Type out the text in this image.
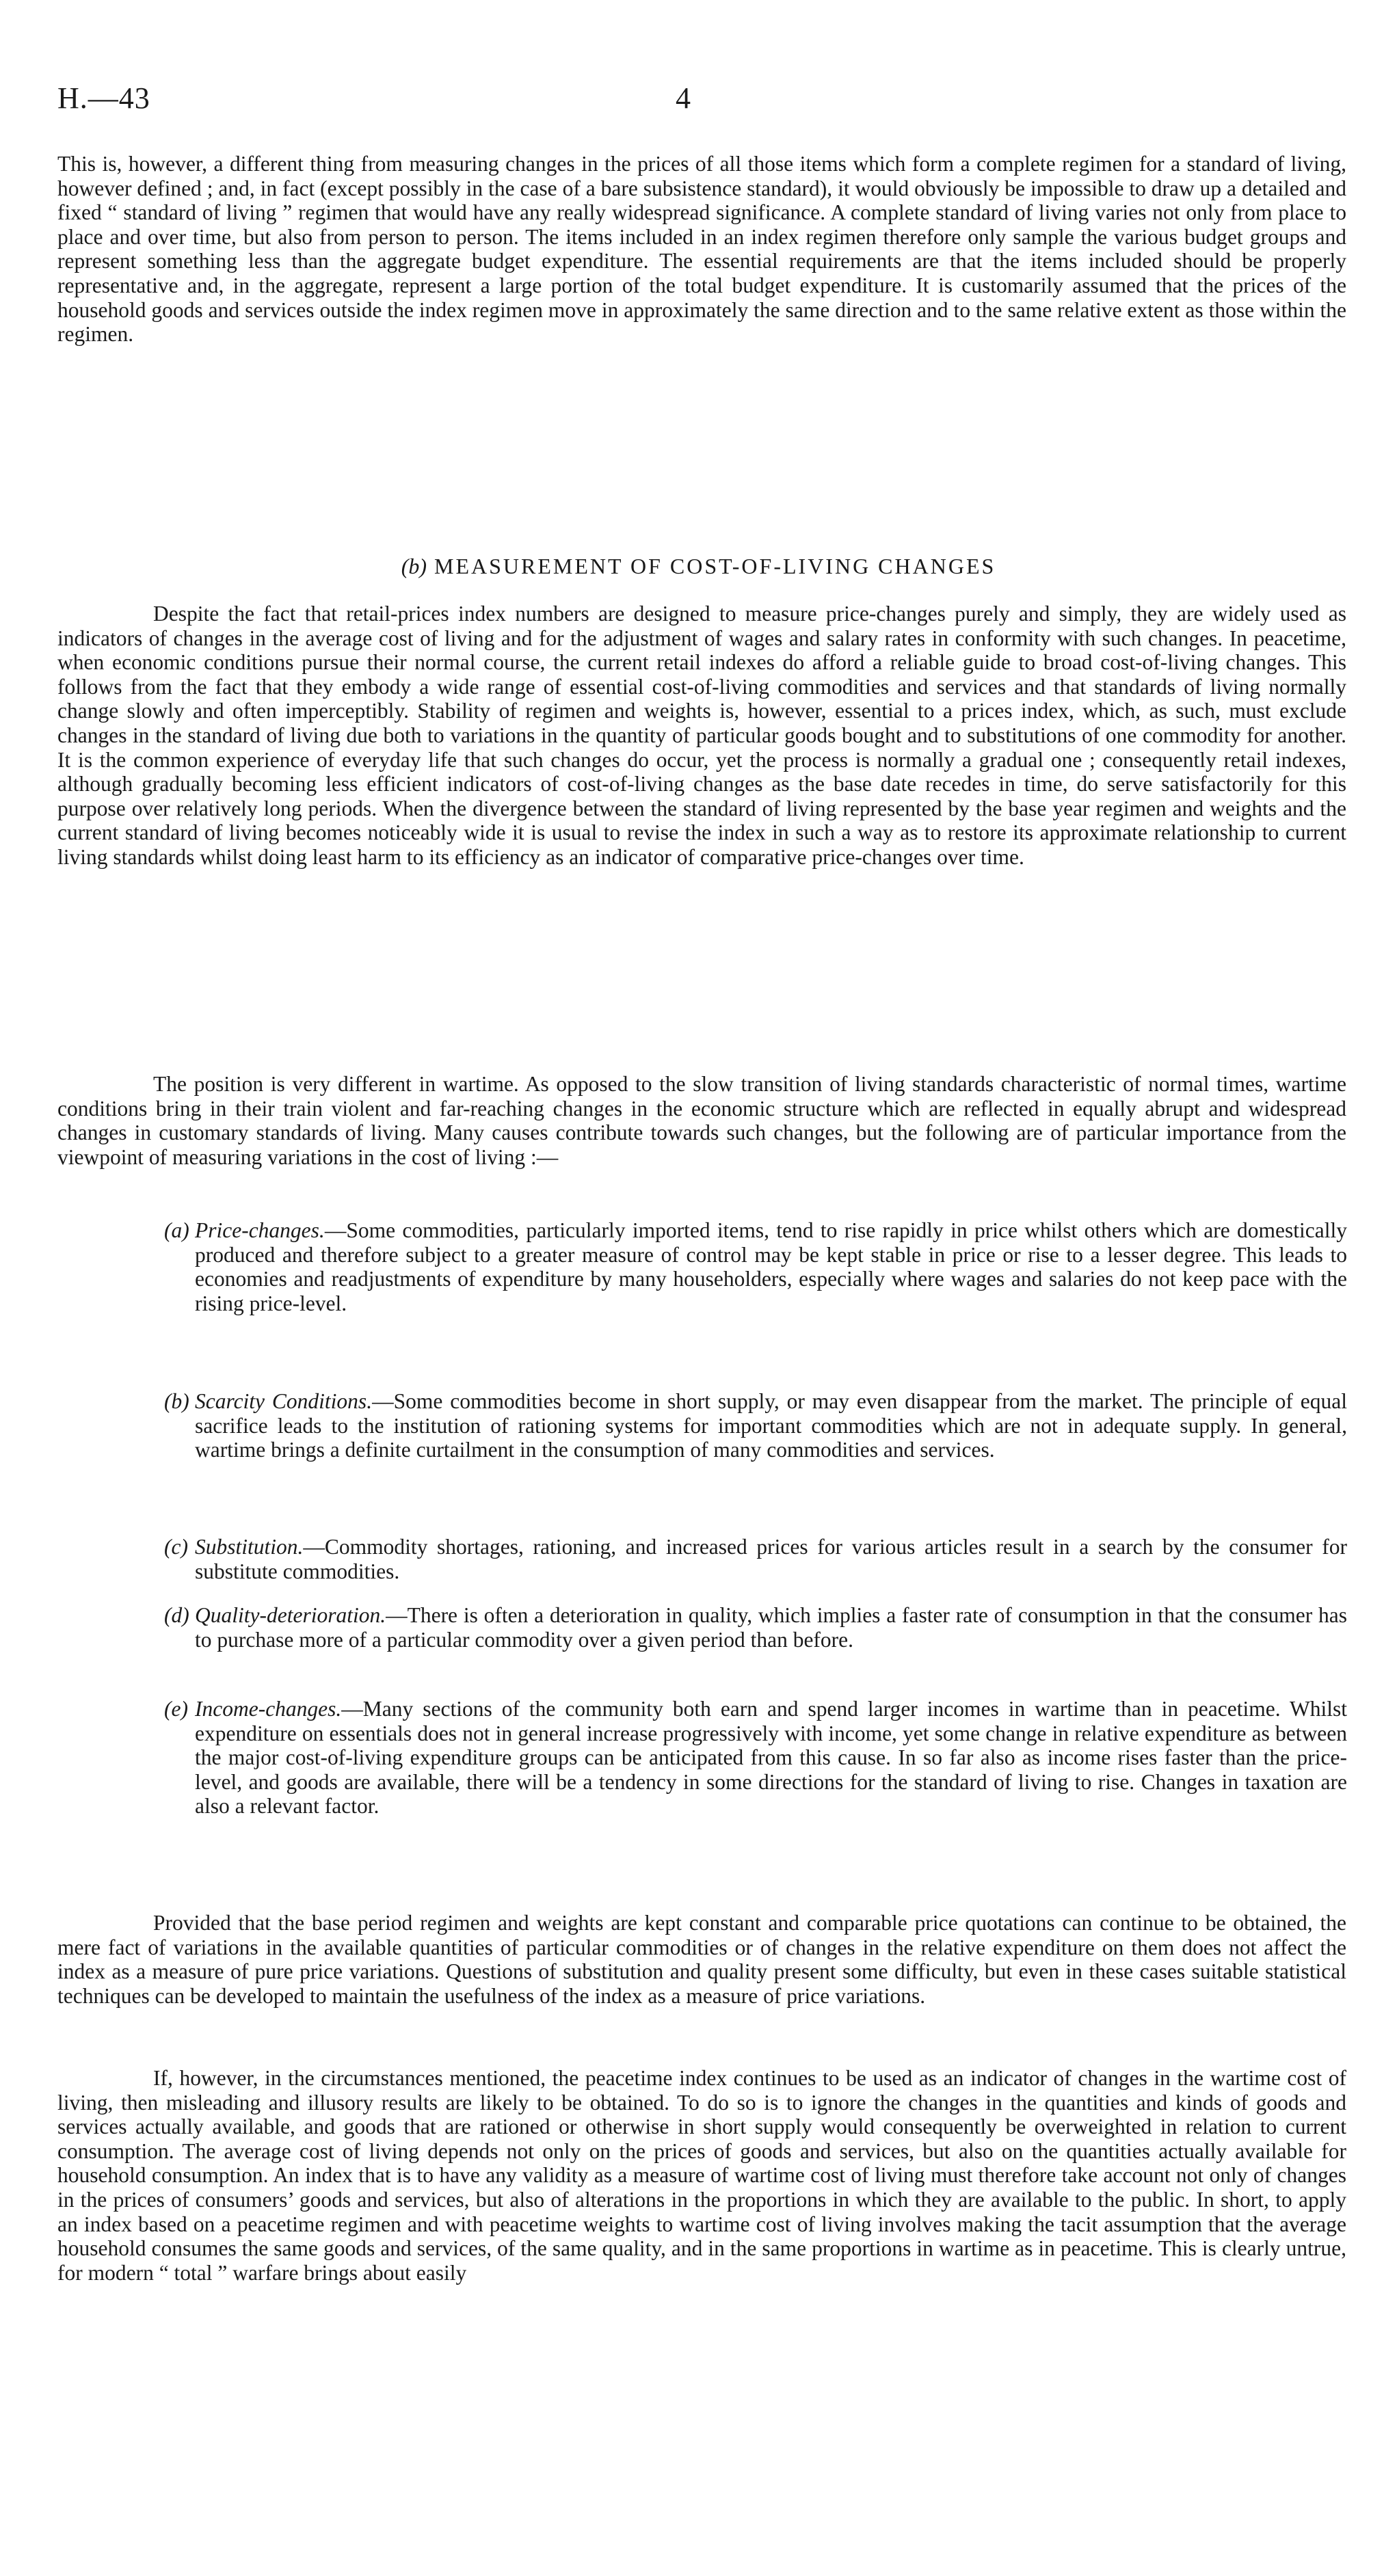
H.—43	4

This is, however, a different thing from measuring changes in the prices of all those items which form a complete regimen for a standard of living, however defined ; and, in fact (except possibly in the case of a bare subsistence standard), it would obviously be impossible to draw up a detailed and fixed “ standard of living ” regimen that would have any really widespread significance. A complete standard of living varies not only from place to place and over time, but also from person to person. The items included in an index regimen therefore only sample the various budget groups and represent something less than the aggregate budget expenditure. The essential requirements are that the items included should be properly representative and, in the aggregate, represent a large portion of the total budget expenditure. It is customarily assumed that the prices of the household goods and services outside the index regimen move in approximately the same direction and to the same relative extent as those within the regimen.

(b) MEASUREMENT OF COST-OF-LIVING CHANGES

Despite the fact that retail-prices index numbers are designed to measure price-changes purely and simply, they are widely used as indicators of changes in the average cost of living and for the adjustment of wages and salary rates in conformity with such changes. In peacetime, when economic conditions pursue their normal course, the current retail indexes do afford a reliable guide to broad cost-of-living changes. This follows from the fact that they embody a wide range of essential cost-of-living commodities and services and that standards of living normally change slowly and often imperceptibly. Stability of regimen and weights is, however, essential to a prices index, which, as such, must exclude changes in the standard of living due both to variations in the quantity of particular goods bought and to substitutions of one commodity for another. It is the common experience of everyday life that such changes do occur, yet the process is normally a gradual one ; consequently retail indexes, although gradually becoming less efficient indicators of cost-of-living changes as the base date recedes in time, do serve satisfactorily for this purpose over relatively long periods. When the divergence between the standard of living represented by the base year regimen and weights and the current standard of living becomes noticeably wide it is usual to revise the index in such a way as to restore its approximate relationship to current living standards whilst doing least harm to its efficiency as an indicator of comparative price-changes over time.

The position is very different in wartime. As opposed to the slow transition of living standards characteristic of normal times, wartime conditions bring in their train violent and far-reaching changes in the economic structure which are reflected in equally abrupt and widespread changes in customary standards of living. Many causes contribute towards such changes, but the following are of particular importance from the viewpoint of measuring variations in the cost of living :—

(a) Price-changes.—Some commodities, particularly imported items, tend to rise rapidly in price whilst others which are domestically produced and therefore subject to a greater measure of control may be kept stable in price or rise to a lesser degree. This leads to economies and readjustments of expenditure by many householders, especially where wages and salaries do not keep pace with the rising price-level.
(b) Scarcity Conditions.—Some commodities become in short supply, or may even disappear from the market. The principle of equal sacrifice leads to the institution of rationing systems for important commodities which are not in adequate supply. In general, wartime brings a definite curtailment in the consumption of many commodities and services.
(c) Substitution.—Commodity shortages, rationing, and increased prices for various articles result in a search by the consumer for substitute commodities.
(d) Quality-deterioration.—There is often a deterioration in quality, which implies a faster rate of consumption in that the consumer has to purchase more of a particular commodity over a given period than before.
(e) Income-changes.—Many sections of the community both earn and spend larger incomes in wartime than in peacetime. Whilst expenditure on essentials does not in general increase progressively with income, yet some change in relative expenditure as between the major cost-of-living expenditure groups can be anticipated from this cause. In so far also as income rises faster than the price-level, and goods are available, there will be a tendency in some directions for the standard of living to rise. Changes in taxation are also a relevant factor.

Provided that the base period regimen and weights are kept constant and comparable price quotations can continue to be obtained, the mere fact of variations in the available quantities of particular commodities or of changes in the relative expenditure on them does not affect the index as a measure of pure price variations. Questions of substitution and quality present some difficulty, but even in these cases suitable statistical techniques can be developed to maintain the usefulness of the index as a measure of price variations.

If, however, in the circumstances mentioned, the peacetime index continues to be used as an indicator of changes in the wartime cost of living, then misleading and illusory results are likely to be obtained. To do so is to ignore the changes in the quantities and kinds of goods and services actually available, and goods that are rationed or otherwise in short supply would consequently be overweighted in relation to current consumption. The average cost of living depends not only on the prices of goods and services, but also on the quantities actually available for household consumption. An index that is to have any validity as a measure of wartime cost of living must therefore take account not only of changes in the prices of consumers’ goods and services, but also of alterations in the proportions in which they are available to the public. In short, to apply an index based on a peacetime regimen and with peacetime weights to wartime cost of living involves making the tacit assumption that the average household consumes the same goods and services, of the same quality, and in the same proportions in wartime as in peacetime. This is clearly untrue, for modern “ total ” warfare brings about easily
